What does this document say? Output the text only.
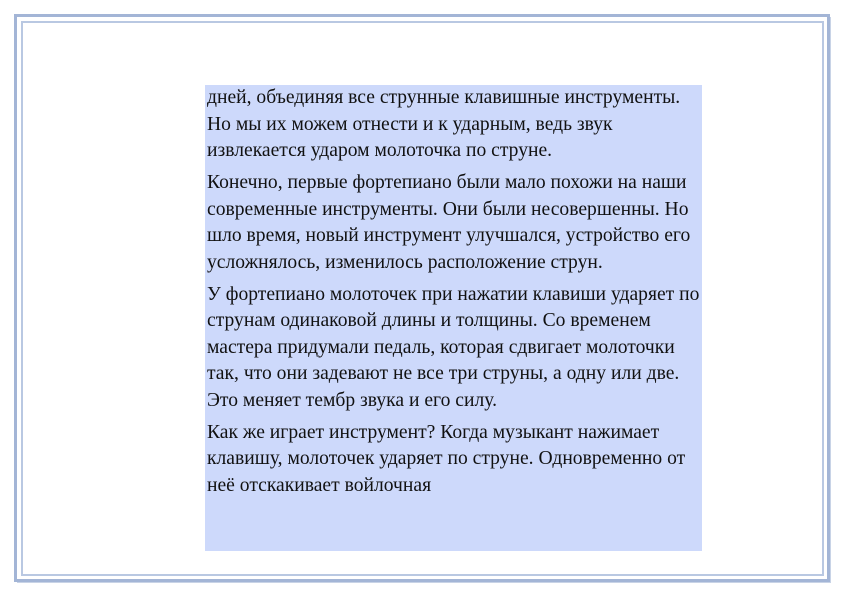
дней, объединяя все струнные клавишные инструменты. Но мы их можем отнести и к ударным, ведь звук извлекается ударом молоточка по струне.

Конечно, первые фортепиано были мало похожи на наши современные инструменты. Они были несовершенны. Но шло время, новый инструмент улучшался, устройство его усложнялось, изменилось расположение струн.

У фортепиано молоточек при нажатии клавиши ударяет по струнам одинаковой длины и толщины. Со временем мастера придумали педаль, которая сдвигает молоточки так, что они задевают не все три струны, а одну или две. Это меняет тембр звука и его силу.

Как же играет инструмент? Когда музыкант нажимает клавишу, молоточек ударяет по струне. Одновременно от неё отскакивает войлочная
